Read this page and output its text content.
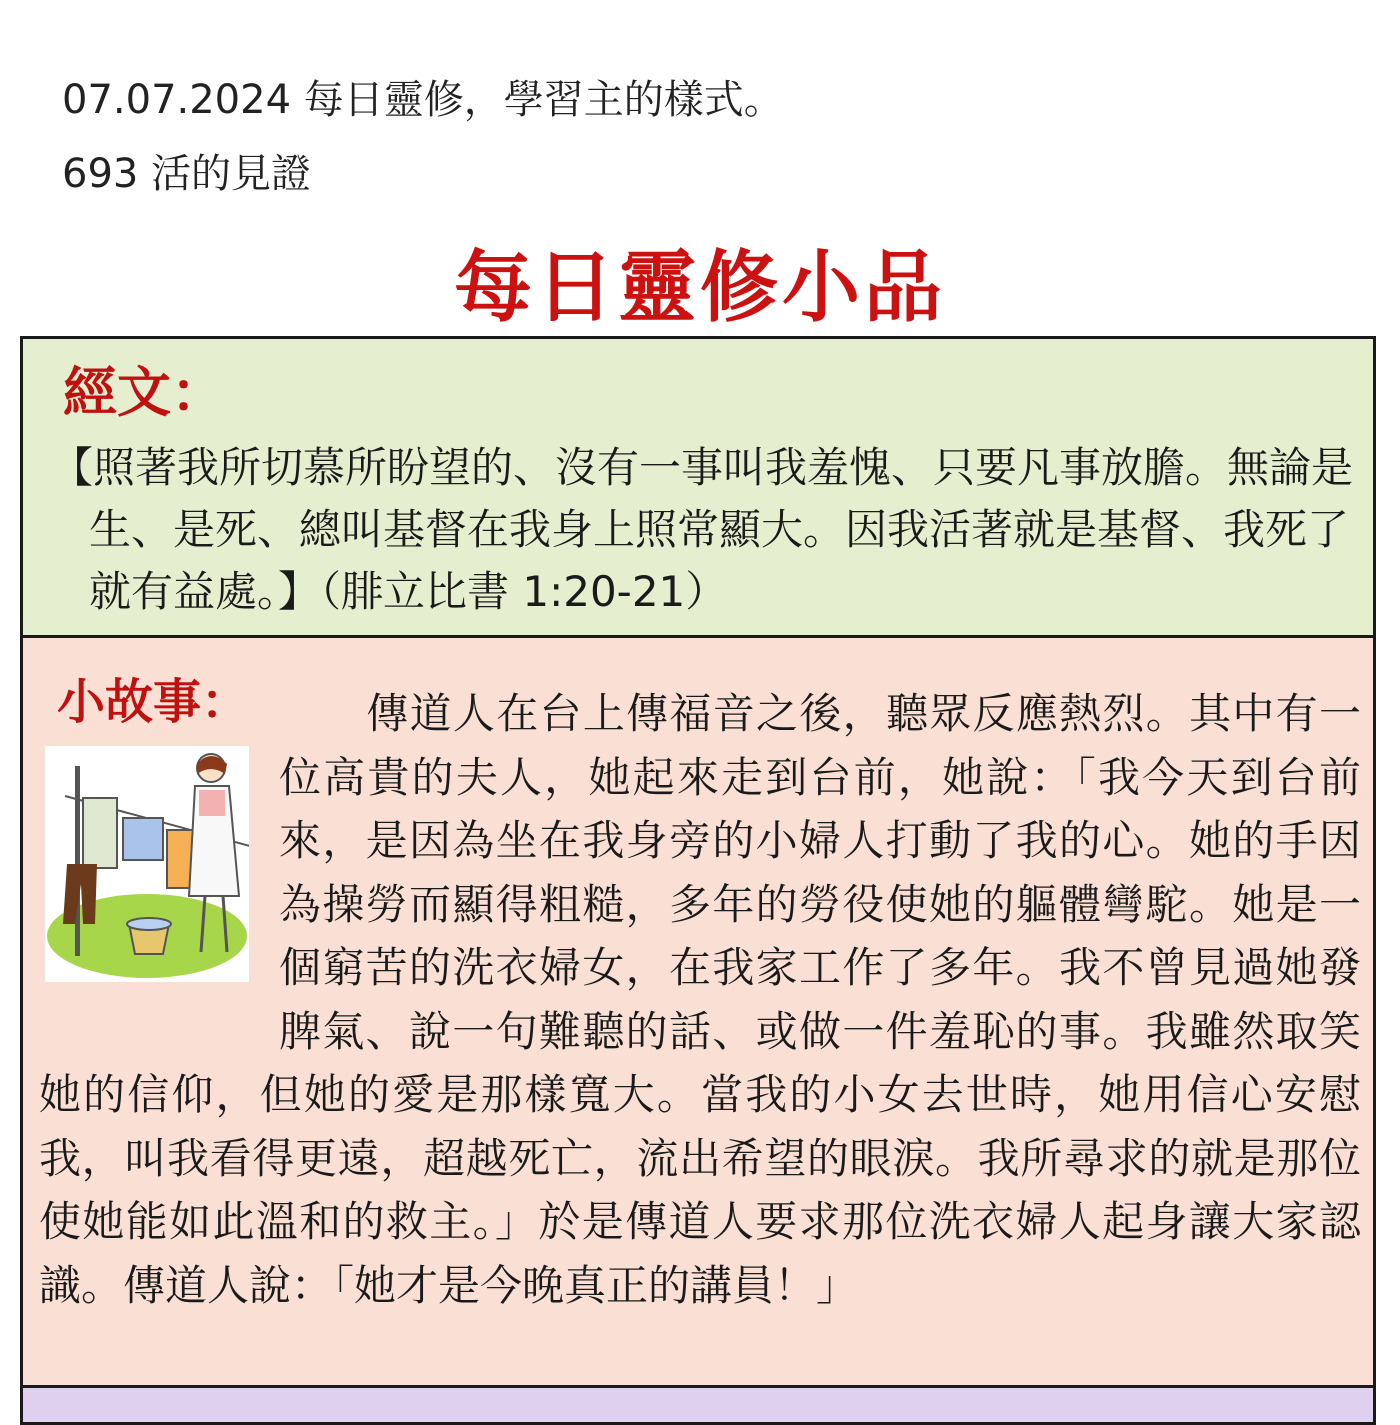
07.07.2024 每日靈修，學習主的樣式。
693 活的見證
每日靈修小品
經文：

【照著我所切慕所盼望的、沒有一事叫我羞愧、只要凡事放膽。無論是生、是死、總叫基督在我身上照常顯大。因我活著就是基督、我死了就有益處。】（腓立比書 1:20-21）

小故事：	傳道人在台上傳福音之後，聽眾反應熱烈。其中有一位高貴的夫人，她起來走到台前，她說：「我今天到台前來，是因為坐在我身旁的小婦人打動了我的心。她的手因為操勞而顯得粗糙，多年的勞役使她的軀體彎駝。她是一個窮苦的洗衣婦女，在我家工作了多年。我不曾見過她發脾氣、說一句難聽的話、或做一件羞恥的事。我雖然取笑她的信仰，但她的愛是那樣寬大。當我的小女去世時，她用信心安慰我，叫我看得更遠，超越死亡，流出希望的眼淚。我所尋求的就是那位使她能如此溫和的救主。」於是傳道人要求那位洗衣婦人起身讓大家認識。傳道人說：「她才是今晚真正的講員！」
